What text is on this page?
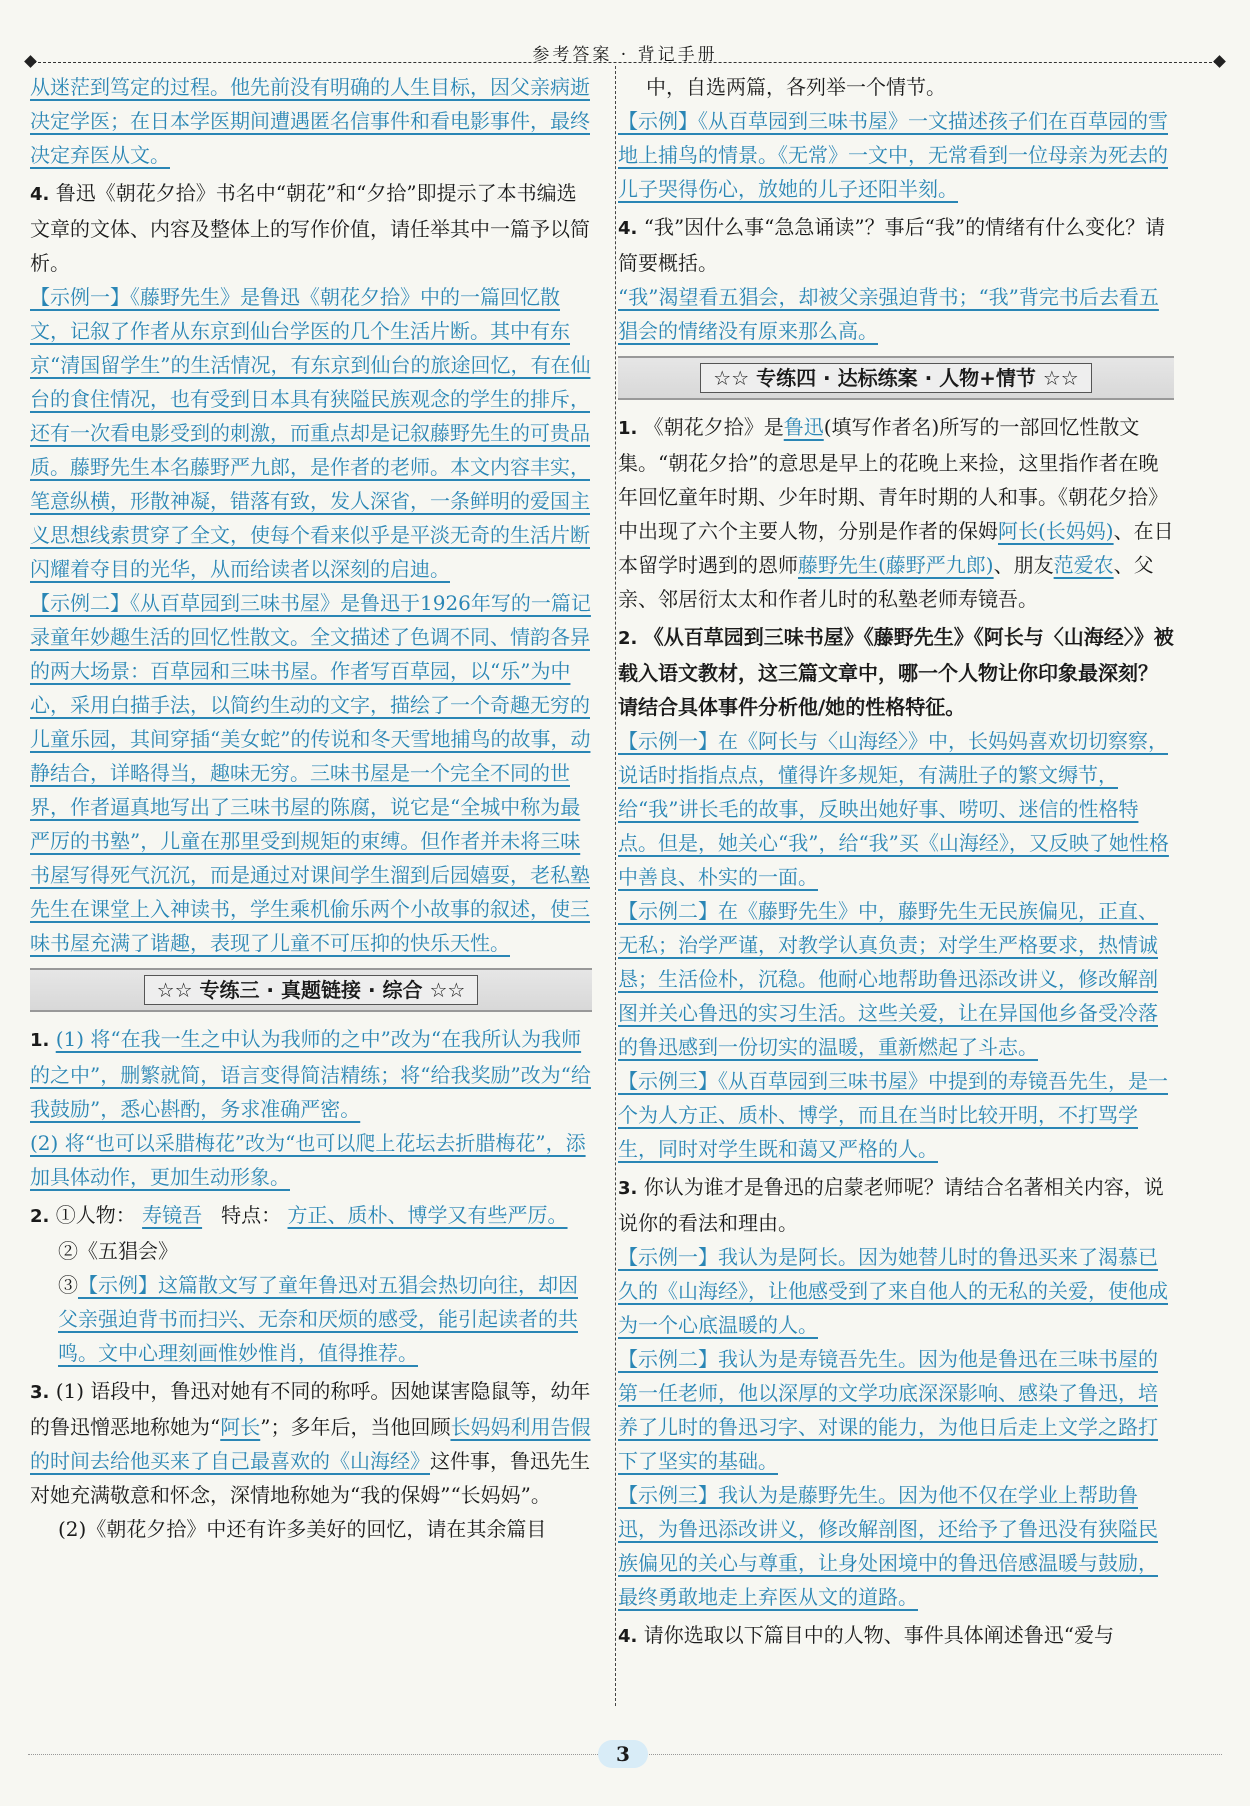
参考答案 · 背记手册

从迷茫到笃定的过程。他先前没有明确的人生目标，因父亲病逝决定学医；在日本学医期间遭遇匿名信事件和看电影事件，最终决定弃医从文。

4. 鲁迅《朝花夕拾》书名中“朝花”和“夕拾”即提示了本书编选文章的文体、内容及整体上的写作价值，请任举其中一篇予以简析。

【示例一】《藤野先生》是鲁迅《朝花夕拾》中的一篇回忆散文，记叙了作者从东京到仙台学医的几个生活片断。其中有东京“清国留学生”的生活情况，有东京到仙台的旅途回忆，有在仙台的食住情况，也有受到日本具有狭隘民族观念的学生的排斥，还有一次看电影受到的刺激，而重点却是记叙藤野先生的可贵品质。藤野先生本名藤野严九郎，是作者的老师。本文内容丰实，笔意纵横，形散神凝，错落有致，发人深省，一条鲜明的爱国主义思想线索贯穿了全文，使每个看来似乎是平淡无奇的生活片断闪耀着夺目的光华，从而给读者以深刻的启迪。

【示例二】《从百草园到三味书屋》是鲁迅于1926年写的一篇记录童年妙趣生活的回忆性散文。全文描述了色调不同、情韵各异的两大场景：百草园和三味书屋。作者写百草园，以“乐”为中心，采用白描手法，以简约生动的文字，描绘了一个奇趣无穷的儿童乐园，其间穿插“美女蛇”的传说和冬天雪地捕鸟的故事，动静结合，详略得当，趣味无穷。三味书屋是一个完全不同的世界，作者逼真地写出了三味书屋的陈腐，说它是“全城中称为最严厉的书塾”，儿童在那里受到规矩的束缚。但作者并未将三味书屋写得死气沉沉，而是通过对课间学生溜到后园嬉耍，老私塾先生在课堂上入神读书，学生乘机偷乐两个小故事的叙述，使三味书屋充满了谐趣，表现了儿童不可压抑的快乐天性。

☆☆ 专练三 · 真题链接 · 综合 ☆☆

1. (1) 将“在我一生之中认为我师的之中”改为“在我所认为我师的之中”，删繁就简，语言变得简洁精练；将“给我奖励”改为“给我鼓励”，悉心斟酌，务求准确严密。

(2) 将“也可以采腊梅花”改为“也可以爬上花坛去折腊梅花”，添加具体动作，更加生动形象。

2. ①人物： 寿镜吾 特点： 方正、质朴、博学又有些严厉。

②《五猖会》

③【示例】这篇散文写了童年鲁迅对五猖会热切向往，却因父亲强迫背书而扫兴、无奈和厌烦的感受，能引起读者的共鸣。文中心理刻画惟妙惟肖，值得推荐。

3. (1) 语段中，鲁迅对她有不同的称呼。因她谋害隐鼠等，幼年的鲁迅憎恶地称她为“阿长”；多年后，当他回顾长妈妈利用告假的时间去给他买来了自己最喜欢的《山海经》这件事，鲁迅先生对她充满敬意和怀念，深情地称她为“我的保姆”“长妈妈”。

(2)《朝花夕拾》中还有许多美好的回忆，请在其余篇目

中，自选两篇，各列举一个情节。

【示例】《从百草园到三味书屋》一文描述孩子们在百草园的雪地上捕鸟的情景。《无常》一文中，无常看到一位母亲为死去的儿子哭得伤心，放她的儿子还阳半刻。

4. “我”因什么事“急急诵读”？事后“我”的情绪有什么变化？请简要概括。

“我”渴望看五猖会，却被父亲强迫背书；“我”背完书后去看五猖会的情绪没有原来那么高。

☆☆ 专练四 · 达标练案 · 人物+情节 ☆☆

1. 《朝花夕拾》是鲁迅(填写作者名)所写的一部回忆性散文集。“朝花夕拾”的意思是早上的花晚上来捡，这里指作者在晚年回忆童年时期、少年时期、青年时期的人和事。《朝花夕拾》中出现了六个主要人物，分别是作者的保姆阿长(长妈妈)、在日本留学时遇到的恩师藤野先生(藤野严九郎)、朋友范爱农、父亲、邻居衍太太和作者儿时的私塾老师寿镜吾。

2. 《从百草园到三味书屋》《藤野先生》《阿长与〈山海经〉》被载入语文教材，这三篇文章中，哪一个人物让你印象最深刻？请结合具体事件分析他/她的性格特征。

【示例一】在《阿长与〈山海经〉》中，长妈妈喜欢切切察察，说话时指指点点，懂得许多规矩，有满肚子的繁文缛节，给“我”讲长毛的故事，反映出她好事、唠叨、迷信的性格特点。但是，她关心“我”，给“我”买《山海经》，又反映了她性格中善良、朴实的一面。

【示例二】在《藤野先生》中，藤野先生无民族偏见，正直、无私；治学严谨，对教学认真负责；对学生严格要求，热情诚恳；生活俭朴，沉稳。他耐心地帮助鲁迅添改讲义，修改解剖图并关心鲁迅的实习生活。这些关爱，让在异国他乡备受冷落的鲁迅感到一份切实的温暖，重新燃起了斗志。

【示例三】《从百草园到三味书屋》中提到的寿镜吾先生，是一个为人方正、质朴、博学，而且在当时比较开明，不打骂学生，同时对学生既和蔼又严格的人。

3. 你认为谁才是鲁迅的启蒙老师呢？请结合名著相关内容，说说你的看法和理由。

【示例一】我认为是阿长。因为她替儿时的鲁迅买来了渴慕已久的《山海经》，让他感受到了来自他人的无私的关爱，使他成为一个心底温暖的人。

【示例二】我认为是寿镜吾先生。因为他是鲁迅在三味书屋的第一任老师，他以深厚的文学功底深深影响、感染了鲁迅，培养了儿时的鲁迅习字、对课的能力，为他日后走上文学之路打下了坚实的基础。

【示例三】我认为是藤野先生。因为他不仅在学业上帮助鲁迅，为鲁迅添改讲义，修改解剖图，还给予了鲁迅没有狭隘民族偏见的关心与尊重，让身处困境中的鲁迅倍感温暖与鼓励，最终勇敢地走上弃医从文的道路。

4. 请你选取以下篇目中的人物、事件具体阐述鲁迅“爱与

3
